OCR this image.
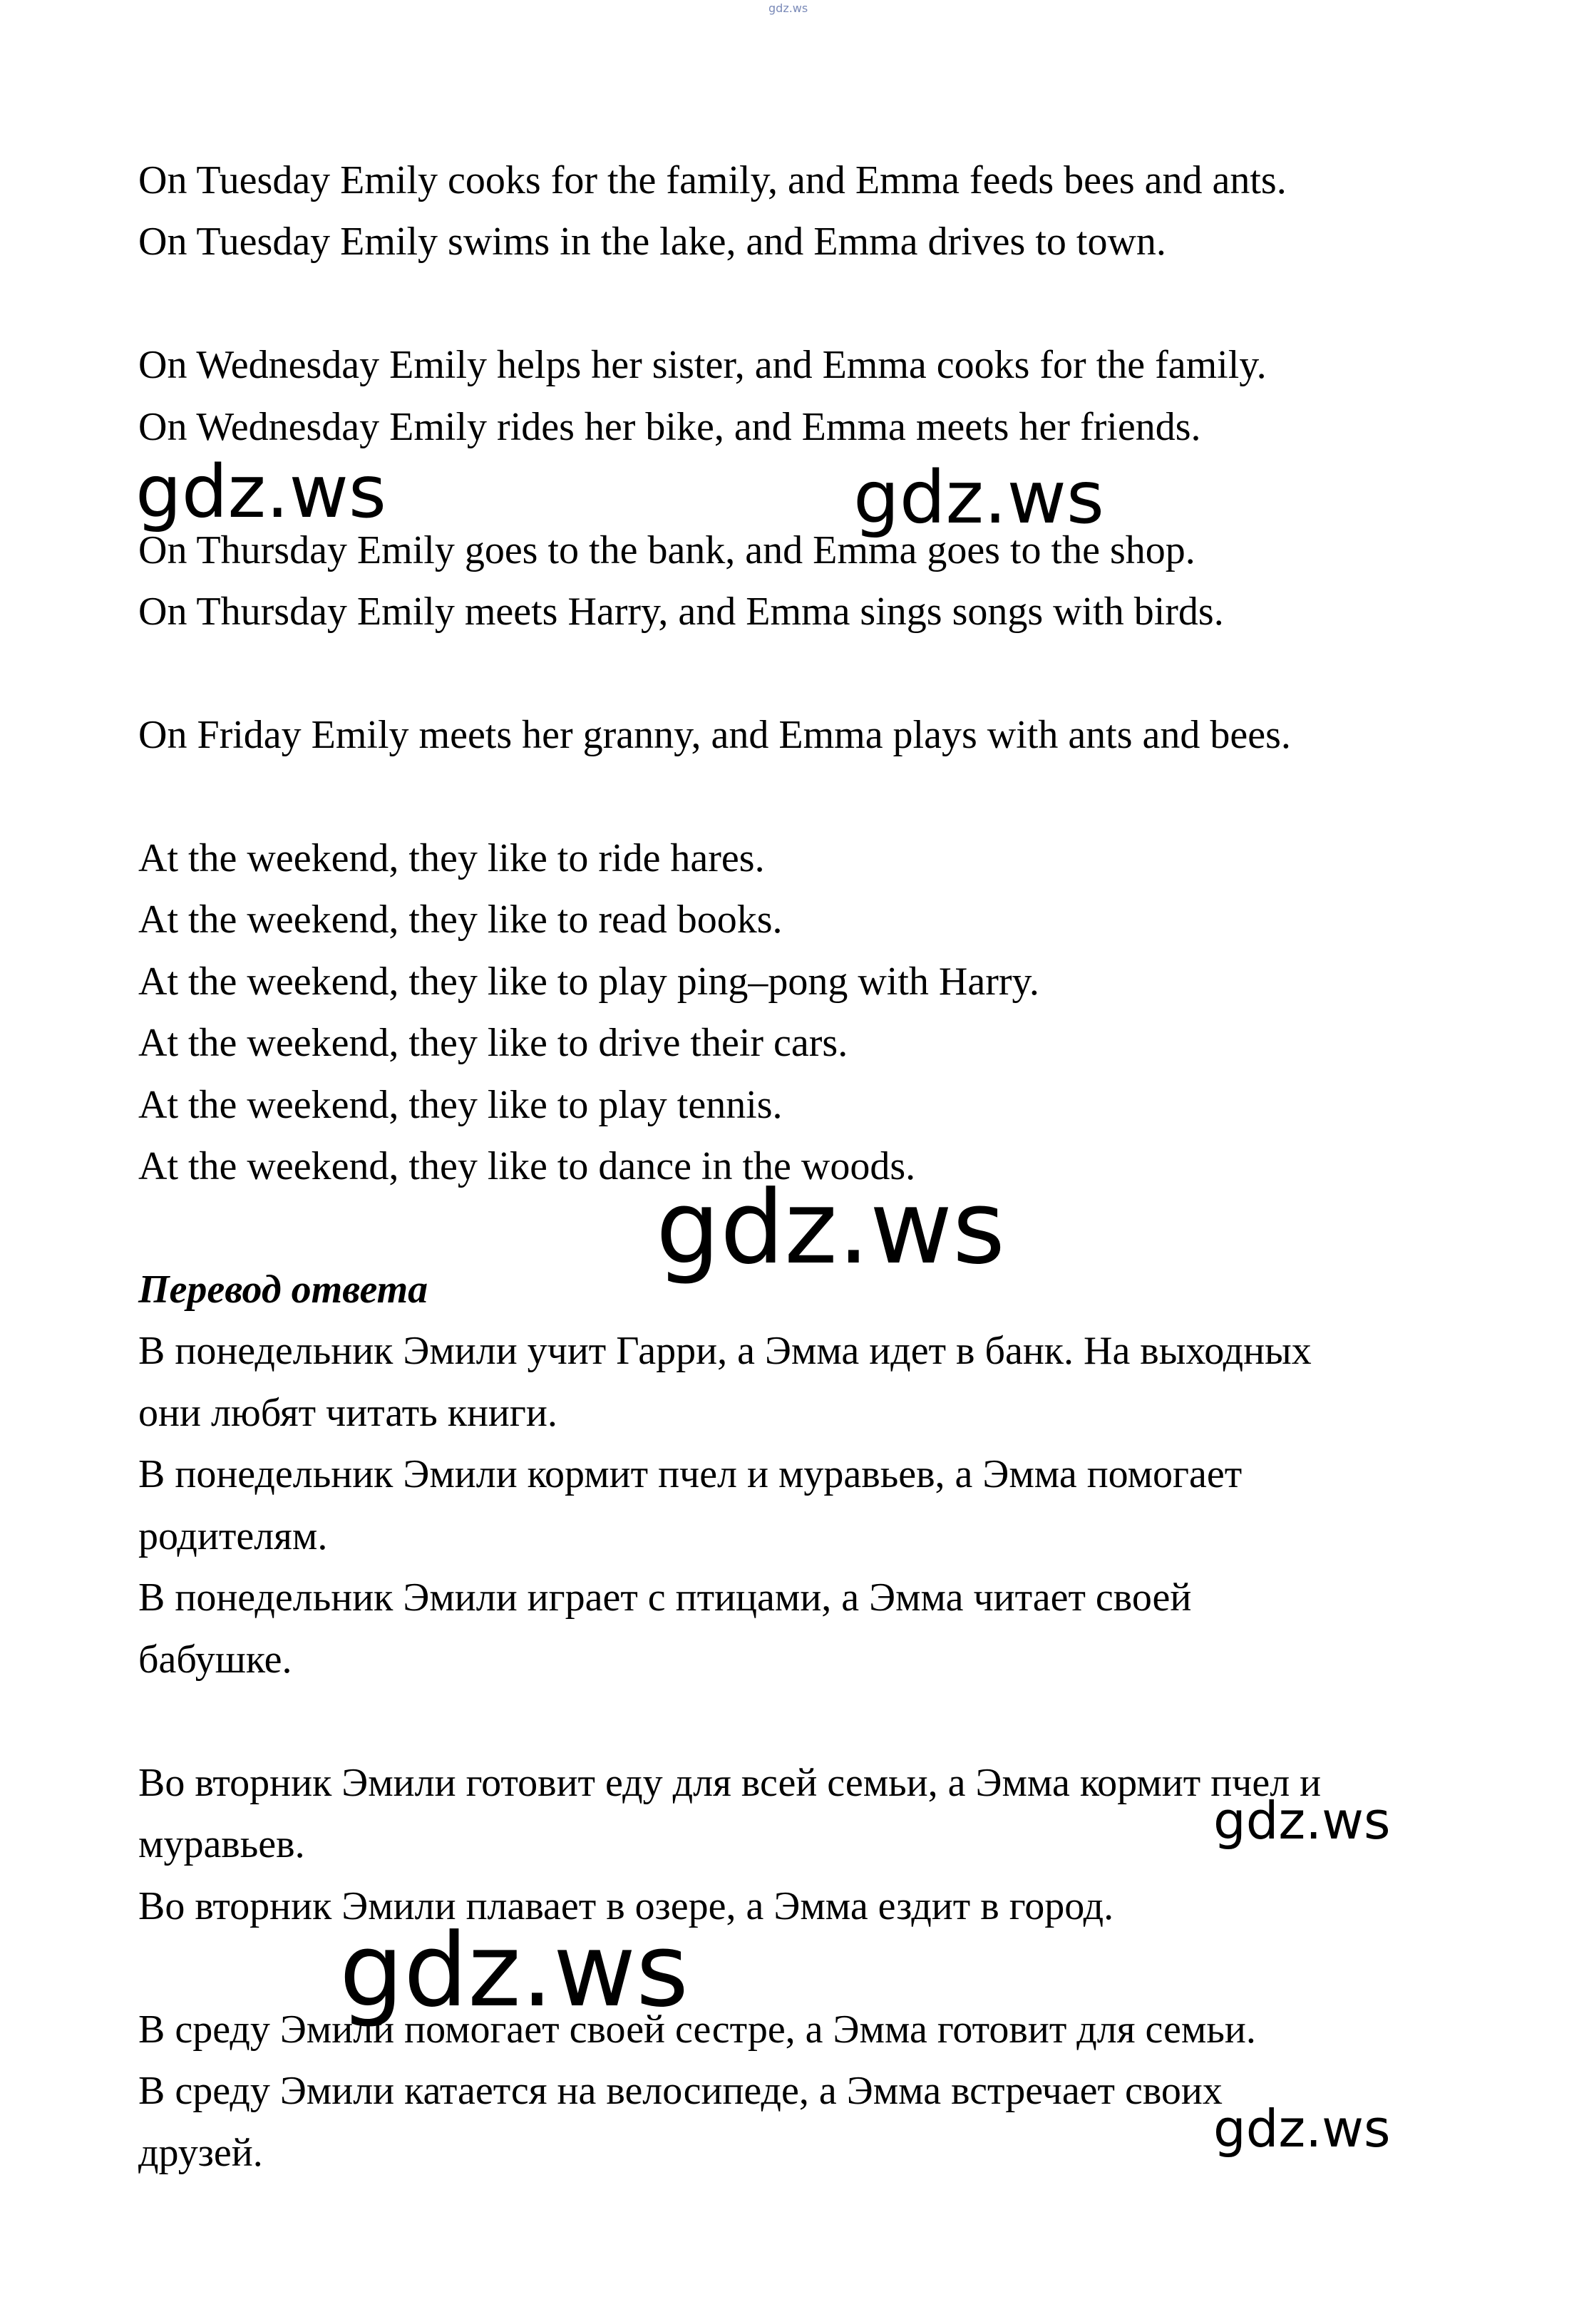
gdz.ws
On Tuesday Emily cooks for the family, and Emma feeds bees and ants.
On Tuesday Emily swims in the lake, and Emma drives to town.
On Wednesday Emily helps her sister, and Emma cooks for the family.
On Wednesday Emily rides her bike, and Emma meets her friends.
On Thursday Emily goes to the bank, and Emma goes to the shop.
On Thursday Emily meets Harry, and Emma sings songs with birds.
On Friday Emily meets her granny, and Emma plays with ants and bees.
At the weekend, they like to ride hares.
At the weekend, they like to read books.
At the weekend, they like to play ping–pong with Harry.
At the weekend, they like to drive their cars.
At the weekend, they like to play tennis.
At the weekend, they like to dance in the woods.
Перевод ответа
В понедельник Эмили учит Гарри, а Эмма идет в банк. На выходных
они любят читать книги.
В понедельник Эмили кормит пчел и муравьев, а Эмма помогает
родителям.
В понедельник Эмили играет с птицами, а Эмма читает своей
бабушке.
Во вторник Эмили готовит еду для всей семьи, а Эмма кормит пчел и
муравьев.
Во вторник Эмили плавает в озере, а Эмма ездит в город.
В среду Эмили помогает своей сестре, а Эмма готовит для семьи.
В среду Эмили катается на велосипеде, а Эмма встречает своих
друзей.
gdz.ws	gdz.ws
gdz.ws
gdz.ws
gdz.ws
gdz.ws
